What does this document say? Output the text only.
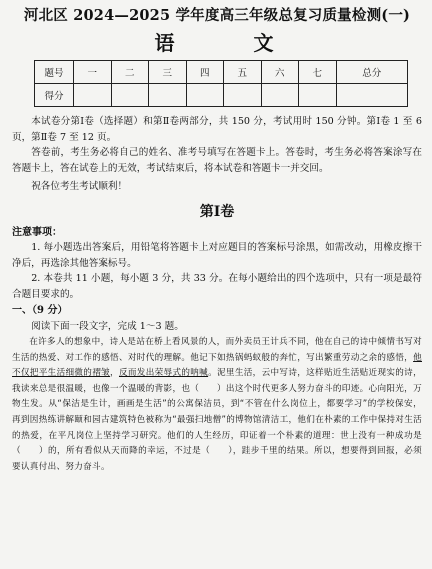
河北区 2024—2025 学年度高三年级总复习质量检测(一)

语 文

题号	一	二	三	四	五	六	七	总分
得分								

本试卷分第Ⅰ卷（选择题）和第Ⅱ卷两部分，共 150 分，考试用时 150 分钟。第Ⅰ卷 1 至 6 页，第Ⅱ卷 7 至 12 页。

答卷前，考生务必将自己的姓名、准考号填写在答题卡上。答卷时，考生务必将答案涂写在答题卡上，答在试卷上的无效，考试结束后，将本试卷和答题卡一并交回。

祝各位考生考试顺利！

第Ⅰ卷

注意事项：

1. 每小题选出答案后，用铅笔将答题卡上对应题目的答案标号涂黑，如需改动，用橡皮擦干净后，再选涂其他答案标号。

2. 本卷共 11 小题，每小题 3 分，共 33 分。在每小题给出的四个选项中，只有一项是最符合题目要求的。

一、（9 分）

阅读下面一段文字，完成 1～3 题。

在许多人的想象中，诗人是站在桥上看风景的人，而外卖员王计兵不同，他在自己的诗中倾情书写对生活的热爱、对工作的感悟、对时代的理解。他记下如热锅蚂蚁般的奔忙，写出繁重劳动之余的感悟，他不仅把平生活细微的褶皱，反而发出荣辱式的呐喊。泥里生活，云中写诗，这样贴近生活贴近现实的诗，我读来总是很温暖，也像一个温暖的背影，也（　　）出这个时代更多人努力奋斗的印迹。心向阳光，万物生发。从“保洁是生计，画画是生活”的公寓保洁员，到“不管在什么岗位上，都要学习”的学校保安，再到因热练讲解颐和园古建筑特色被称为“最强扫地僧”的博物馆清洁工，他们在朴素的工作中保持对生活的热爱，在平凡岗位上坚持学习研究。他们的人生经历，印证着一个朴素的道理：世上没有一种成功是（　　）的，所有看似从天而降的幸运，不过是（　　），跬步千里的结果。所以，想要得到回报，必须要认真付出、努力奋斗。
